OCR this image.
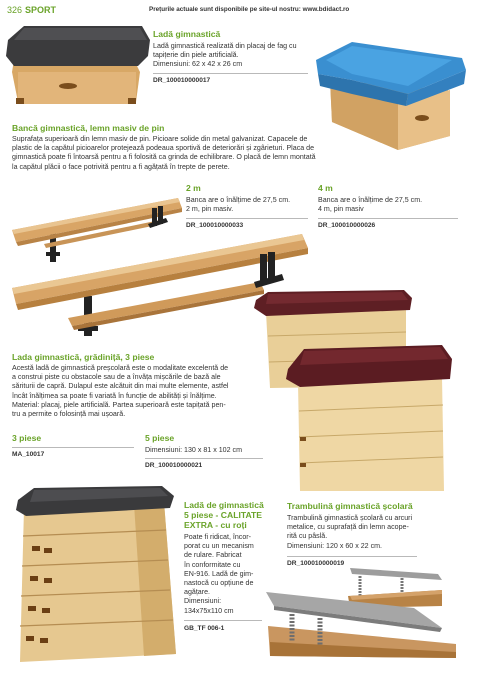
326 SPORT	Prețurile actuale sunt disponibile pe site-ul nostru: www.bdidact.ro
Ladă gimnastică
Ladă gimnastică realizată din placaj de fag cu
tapițerie din piele artificială.
Dimensiuni: 62 x 42 x 26 cm
DR_100010000017
Bancă gimnastică, lemn masiv de pin
Suprafața superioară din lemn masiv de pin. Picioare solide din metal galvanizat. Capacele de
plastic de la capătul picioarelor protejează podeaua sportivă de deteriorări și zgârieturi. Placa de
gimnastică poate fi întoarsă pentru a fi folosită ca grinda de echilibrare. O placă de lemn montată
la capătul plăcii o face potrivită pentru a fi agățată în trepte de perete.
2 m
Banca are o înălțime de 27,5 cm.
2 m, pin masiv.
DR_100010000033
4 m
Banca are o înălțime de 27,5 cm.
4 m, pin masiv
DR_100010000026
Lada gimnastică, grădiniță, 3 piese
Acestă ladă de gimnastică preșcolară este o modalitate excelentă de
a construi piste cu obstacole sau de a învăța mișcările de bază ale
săriturii de capră. Dulapul este alcătuit din mai multe elemente, astfel
încât înălțimea sa poate fi variată în funcție de abilități și înălțime.
Material: placaj, piele artificială. Partea superioară este tapițată pen-
tru a permite o folosință mai ușoară.
3 piese
MA_10017
5 piese
Dimensiuni: 130 x 81 x 102 cm
DR_100010000021
Ladă de gimnastică
5 piese - CALITATE
EXTRA - cu roți
Poate fi ridicat, încor-
porat cu un mecanism
de rulare. Fabricat
în conformitate cu
EN-916. Ladă de gim-
nastocă cu opțiune de
agățare.
Dimensiuni:
134x75x110 cm
GB_TF 006-1
Trambulină gimnastică școlară
Trambulină gimnastică școlară cu arcuri
metalice, cu suprafață din lemn acope-
rită cu pâslă.
Dimensiuni: 120 x 60 x 22 cm.
DR_100010000019
